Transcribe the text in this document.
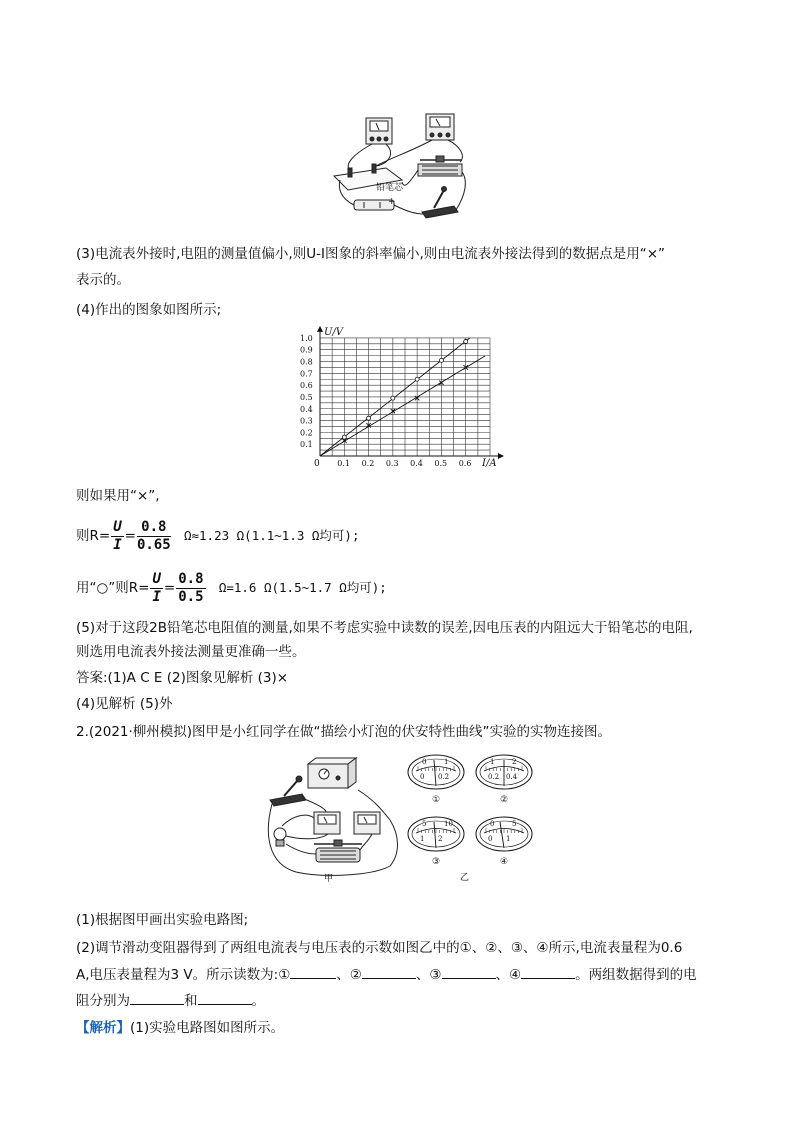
铅笔芯
+
(3)电流表外接时,电阻的测量值偏小,则U-I图象的斜率偏小,则由电流表外接法得到的数据点是用“×”
表示的。
(4)作出的图象如图所示;
0.1 0.2 0.3 0.4 0.5 0.6
0.1
0.2
0.3
0.4
0.5
0.6
0.7
0.8
0.9
1.0
U/V
I/A
0
则如果用“×”,
则$R= \frac{U}{I} = \frac{0.8}{0.65} \Omega\approx 1.23$ Ω(1.1~1.3 Ω均可);
用“○”则$R= \frac{U}{I} = \frac{0.8}{0.5} \Omega=1.6$ Ω(1.5~1.7 Ω均可);
(5)对于这段2B铅笔芯电阻值的测量,如果不考虑实验中读数的误差,因电压表的内阻远大于铅笔芯的电阻,
则选用电流表外接法测量更准确一些。
答案:(1)A C E (2)图象见解析 (3)×
(4)见解析 (5)外
2.(2021·柳州模拟)图甲是小红同学在做“描绘小灯泡的伏安特性曲线”实验的实物连接图。
甲	乙
0	1
0 0.2
①
1	2
0.2 0.4
②
5	10
1 2
③
0	5
0 1
④
(1)根据图甲画出实验电路图;
(2)调节滑动变阻器得到了两组电流表与电压表的示数如图乙中的①、②、③、④所示,电流表量程为0.6
A,电压表量程为3 V。所示读数为:①	、②	、③	、④	。两组数据得到的电
阻分别为	和	。
【解析】(1)实验电路图如图所示。
